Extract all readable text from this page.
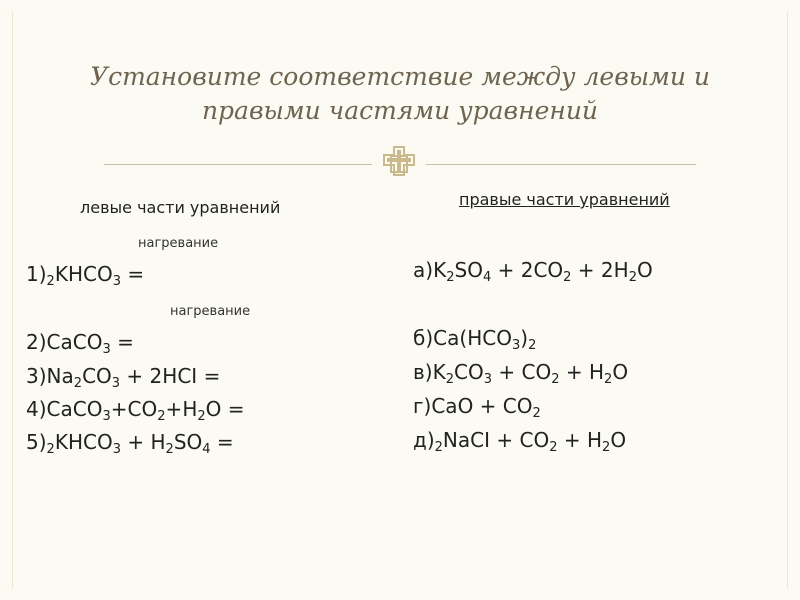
Установите соответствие между левыми и
правыми частями уравнений
левые части уравнений	правые части уравнений
нагревание
нагревание
$1)_2KHCO_3$ =
2)CaCO$_3$ =
$3)Na_2CO_3 + 2HCI$ =
$4)CaCO_3+CO_2+H_2O$ =
$5)_2KHCO_3 + H_2SO_4$ =
$а)K_2SO_4 + 2CO_2 + 2H_2O$
$б)Ca(HCO_3)_2$
$в)K_2CO_3 + CO_2 + H_2O$
$г)CaO + CO_2$
$д)_2NaCI + CO_2 + H_2O$
